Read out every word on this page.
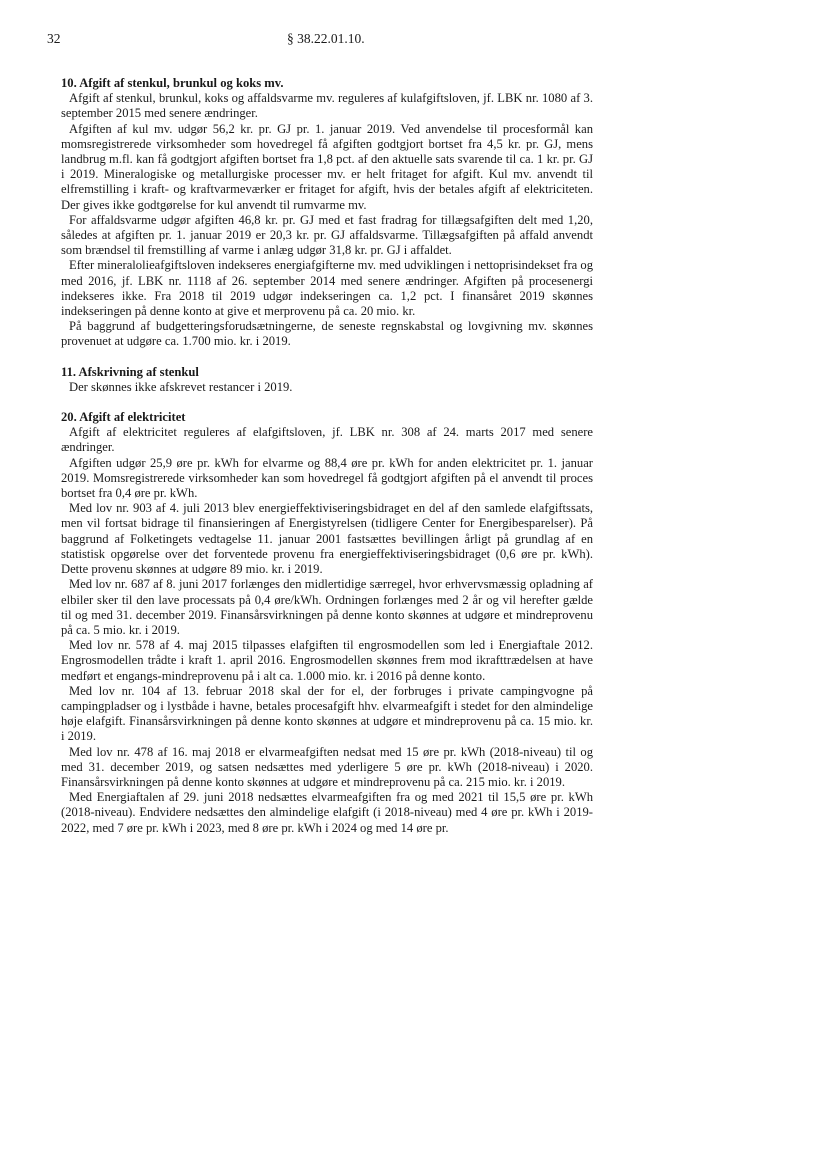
32	§ 38.22.01.10.

10. Afgift af stenkul, brunkul og koks mv.

Afgift af stenkul, brunkul, koks og affaldsvarme mv. reguleres af kulafgiftsloven, jf. LBK nr. 1080 af 3. september 2015 med senere ændringer.

Afgiften af kul mv. udgør 56,2 kr. pr. GJ pr. 1. januar 2019. Ved anvendelse til procesformål kan momsregistrerede virksomheder som hovedregel få afgiften godtgjort bortset fra 4,5 kr. pr. GJ, mens landbrug m.fl. kan få godtgjort afgiften bortset fra 1,8 pct. af den aktuelle sats svarende til ca. 1 kr. pr. GJ i 2019. Mineralogiske og metallurgiske processer mv. er helt fritaget for afgift. Kul mv. anvendt til elfremstilling i kraft- og kraftvarmeværker er fritaget for afgift, hvis der betales afgift af elektriciteten. Der gives ikke godtgørelse for kul anvendt til rumvarme mv.

For affaldsvarme udgør afgiften 46,8 kr. pr. GJ med et fast fradrag for tillægsafgiften delt med 1,20, således at afgiften pr. 1. januar 2019 er 20,3 kr. pr. GJ affaldsvarme. Tillægsafgiften på affald anvendt som brændsel til fremstilling af varme i anlæg udgør 31,8 kr. pr. GJ i affaldet.

Efter mineralolieafgiftsloven indekseres energiafgifterne mv. med udviklingen i nettoprisindekset fra og med 2016, jf. LBK nr. 1118 af 26. september 2014 med senere ændringer. Afgiften på procesenergi indekseres ikke. Fra 2018 til 2019 udgør indekseringen ca. 1,2 pct. I finansåret 2019 skønnes indekseringen på denne konto at give et merprovenu på ca. 20 mio. kr.

På baggrund af budgetteringsforudsætningerne, de seneste regnskabstal og lovgivning mv. skønnes provenuet at udgøre ca. 1.700 mio. kr. i 2019.

11. Afskrivning af stenkul

Der skønnes ikke afskrevet restancer i 2019.

20. Afgift af elektricitet

Afgift af elektricitet reguleres af elafgiftsloven, jf. LBK nr. 308 af 24. marts 2017 med senere ændringer.

Afgiften udgør 25,9 øre pr. kWh for elvarme og 88,4 øre pr. kWh for anden elektricitet pr. 1. januar 2019. Momsregistrerede virksomheder kan som hovedregel få godtgjort afgiften på el anvendt til proces bortset fra 0,4 øre pr. kWh.

Med lov nr. 903 af 4. juli 2013 blev energieffektiviseringsbidraget en del af den samlede elafgiftssats, men vil fortsat bidrage til finansieringen af Energistyrelsen (tidligere Center for Energibesparelser). På baggrund af Folketingets vedtagelse 11. januar 2001 fastsættes bevillingen årligt på grundlag af en statistisk opgørelse over det forventede provenu fra energieffektiviseringsbidraget (0,6 øre pr. kWh). Dette provenu skønnes at udgøre 89 mio. kr. i 2019.

Med lov nr. 687 af 8. juni 2017 forlænges den midlertidige særregel, hvor erhvervsmæssig opladning af elbiler sker til den lave processats på 0,4 øre/kWh. Ordningen forlænges med 2 år og vil herefter gælde til og med 31. december 2019. Finansårsvirkningen på denne konto skønnes at udgøre et mindreprovenu på ca. 5 mio. kr. i 2019.

Med lov nr. 578 af 4. maj 2015 tilpasses elafgiften til engrosmodellen som led i Energiaftale 2012. Engrosmodellen trådte i kraft 1. april 2016. Engrosmodellen skønnes frem mod ikrafttrædelsen at have medført et engangs-mindreprovenu på i alt ca. 1.000 mio. kr. i 2016 på denne konto.

Med lov nr. 104 af 13. februar 2018 skal der for el, der forbruges i private campingvogne på campingpladser og i lystbåde i havne, betales procesafgift hhv. elvarmeafgift i stedet for den almindelige høje elafgift. Finansårsvirkningen på denne konto skønnes at udgøre et mindreprovenu på ca. 15 mio. kr. i 2019.

Med lov nr. 478 af 16. maj 2018 er elvarmeafgiften nedsat med 15 øre pr. kWh (2018-niveau) til og med 31. december 2019, og satsen nedsættes med yderligere 5 øre pr. kWh (2018-niveau) i 2020. Finansårsvirkningen på denne konto skønnes at udgøre et mindreprovenu på ca. 215 mio. kr. i 2019.

Med Energiaftalen af 29. juni 2018 nedsættes elvarmeafgiften fra og med 2021 til 15,5 øre pr. kWh (2018-niveau). Endvidere nedsættes den almindelige elafgift (i 2018-niveau) med 4 øre pr. kWh i 2019-2022, med 7 øre pr. kWh i 2023, med 8 øre pr. kWh i 2024 og med 14 øre pr.
